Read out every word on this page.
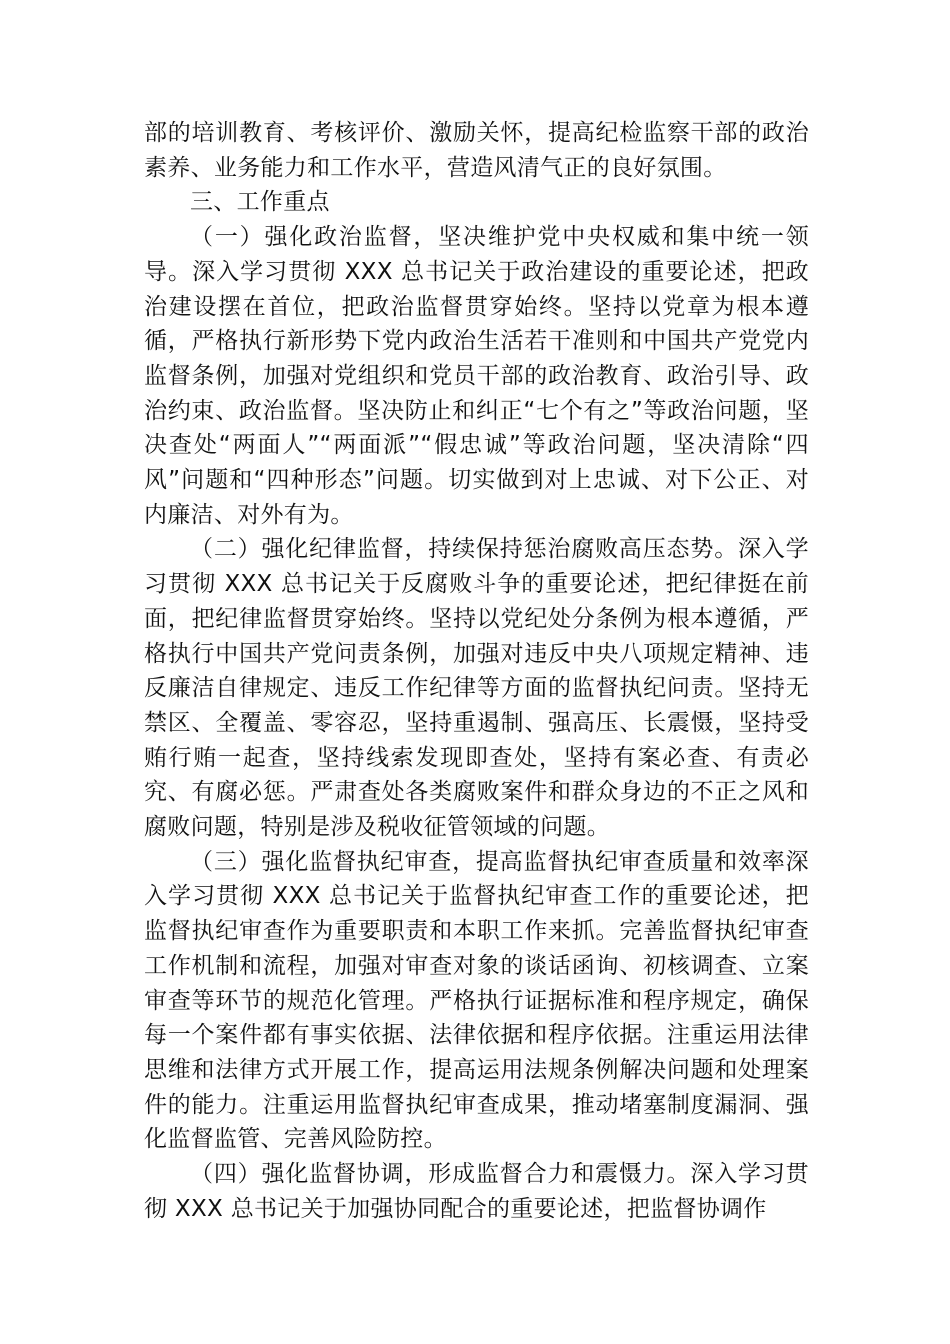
部的培训教育、考核评价、激励关怀，提高纪检监察干部的政治素养、业务能力和工作水平，营造风清气正的良好氛围。

三、工作重点

（一）强化政治监督，坚决维护党中央权威和集中统一领导。深入学习贯彻 XXX 总书记关于政治建设的重要论述，把政治建设摆在首位，把政治监督贯穿始终。坚持以党章为根本遵循，严格执行新形势下党内政治生活若干准则和中国共产党党内监督条例，加强对党组织和党员干部的政治教育、政治引导、政治约束、政治监督。坚决防止和纠正“七个有之”等政治问题，坚决查处“两面人”“两面派”“假忠诚”等政治问题，坚决清除“四风”问题和“四种形态”问题。切实做到对上忠诚、对下公正、对内廉洁、对外有为。

（二）强化纪律监督，持续保持惩治腐败高压态势。深入学习贯彻 XXX 总书记关于反腐败斗争的重要论述，把纪律挺在前面，把纪律监督贯穿始终。坚持以党纪处分条例为根本遵循，严格执行中国共产党问责条例，加强对违反中央八项规定精神、违反廉洁自律规定、违反工作纪律等方面的监督执纪问责。坚持无禁区、全覆盖、零容忍，坚持重遏制、强高压、长震慑，坚持受贿行贿一起查，坚持线索发现即查处，坚持有案必查、有责必究、有腐必惩。严肃查处各类腐败案件和群众身边的不正之风和腐败问题，特别是涉及税收征管领域的问题。

（三）强化监督执纪审查，提高监督执纪审查质量和效率深入学习贯彻 XXX 总书记关于监督执纪审查工作的重要论述，把监督执纪审查作为重要职责和本职工作来抓。完善监督执纪审查工作机制和流程，加强对审查对象的谈话函询、初核调查、立案审查等环节的规范化管理。严格执行证据标准和程序规定，确保每一个案件都有事实依据、法律依据和程序依据。注重运用法律思维和法律方式开展工作，提高运用法规条例解决问题和处理案件的能力。注重运用监督执纪审查成果，推动堵塞制度漏洞、强化监督监管、完善风险防控。

（四）强化监督协调，形成监督合力和震慑力。深入学习贯彻 XXX 总书记关于加强协同配合的重要论述，把监督协调作
